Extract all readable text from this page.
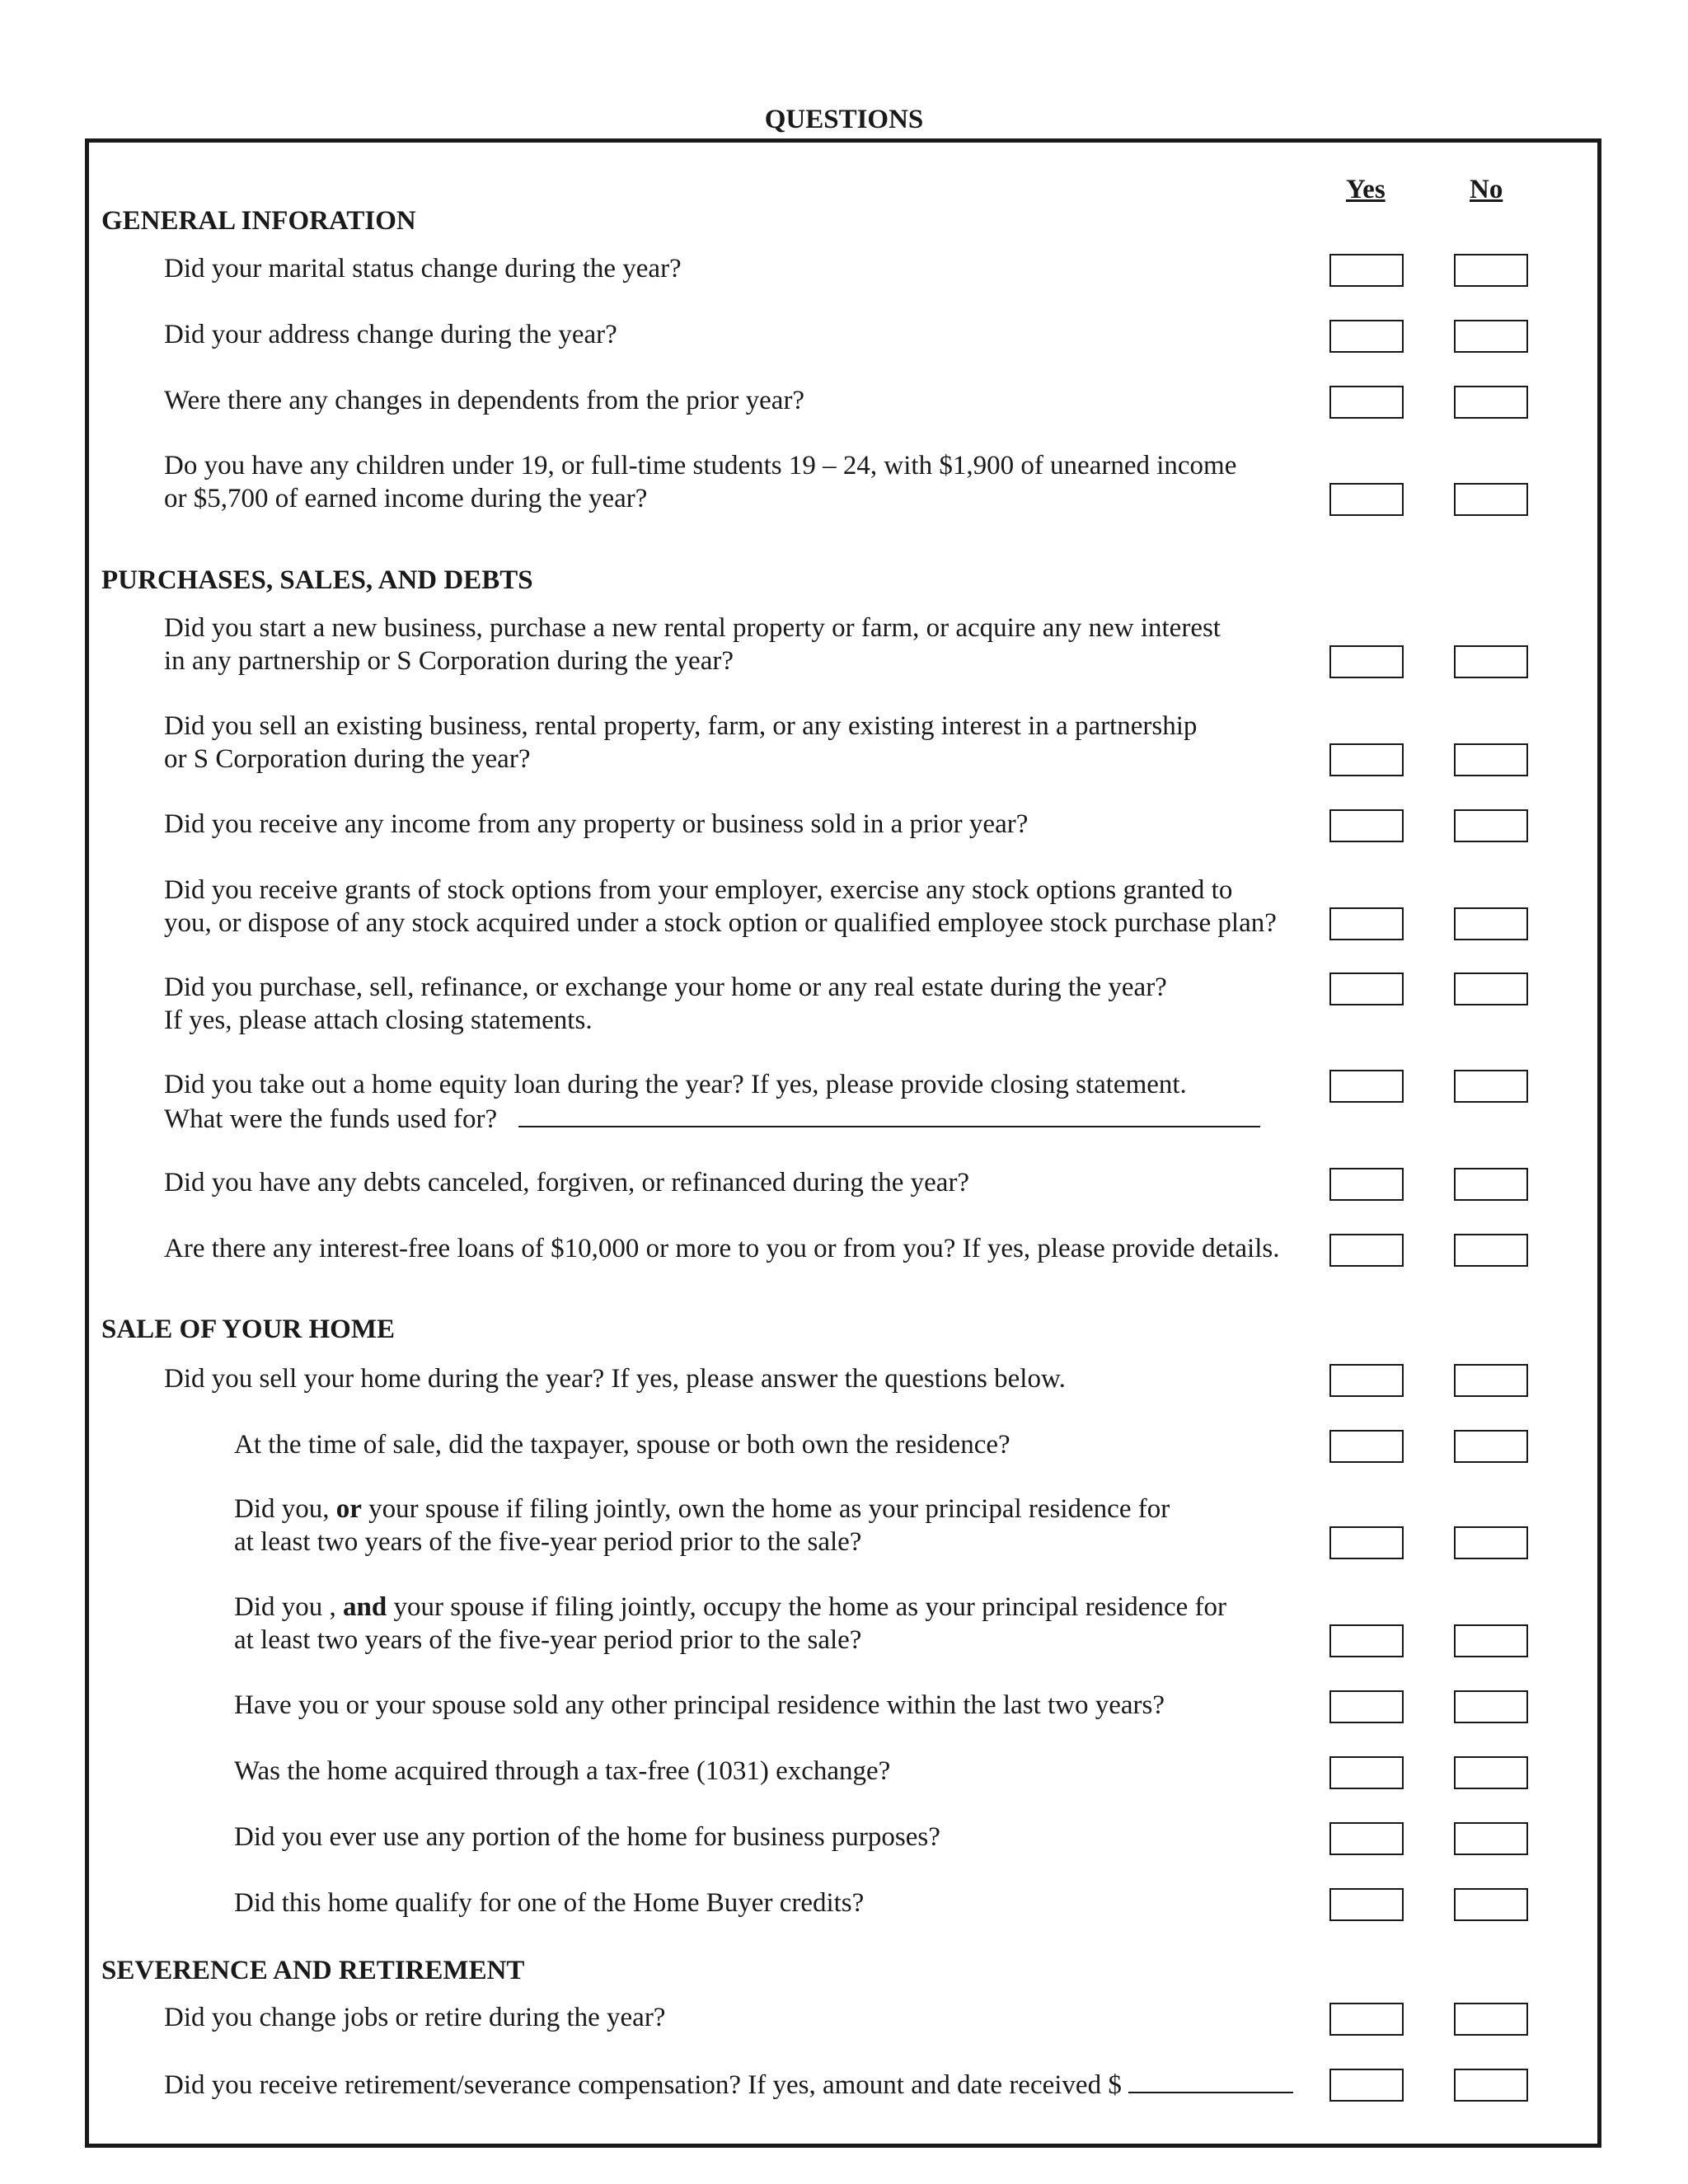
QUESTIONS
Yes	No
GENERAL INFORATION
Did your marital status change during the year?
Did your address change during the year?
Were there any changes in dependents from the prior year?
Do you have any children under 19, or full-time students 19 – 24, with $1,900 of unearned income
or $5,700 of earned income during the year?
PURCHASES, SALES, AND DEBTS
Did you start a new business, purchase a new rental property or farm, or acquire any new interest
in any partnership or S Corporation during the year?
Did you sell an existing business, rental property, farm, or any existing interest in a partnership
or S Corporation during the year?
Did you receive any income from any property or business sold in a prior year?
Did you receive grants of stock options from your employer, exercise any stock options granted to
you, or dispose of any stock acquired under a stock option or qualified employee stock purchase plan?
Did you purchase, sell, refinance, or exchange your home or any real estate during the year?
If yes, please attach closing statements.
Did you take out a home equity loan during the year? If yes, please provide closing statement.
What were the funds used for?
Did you have any debts canceled, forgiven, or refinanced during the year?
Are there any interest-free loans of $10,000 or more to you or from you? If yes, please provide details.
SALE OF YOUR HOME
Did you sell your home during the year? If yes, please answer the questions below.
At the time of sale, did the taxpayer, spouse or both own the residence?
Did you, or your spouse if filing jointly, own the home as your principal residence for
at least two years of the five-year period prior to the sale?
Did you , and your spouse if filing jointly, occupy the home as your principal residence for
at least two years of the five-year period prior to the sale?
Have you or your spouse sold any other principal residence within the last two years?
Was the home acquired through a tax-free (1031) exchange?
Did you ever use any portion of the home for business purposes?
Did this home qualify for one of the Home Buyer credits?
SEVERENCE AND RETIREMENT
Did you change jobs or retire during the year?
Did you receive retirement/severance compensation? If yes, amount and date received $
